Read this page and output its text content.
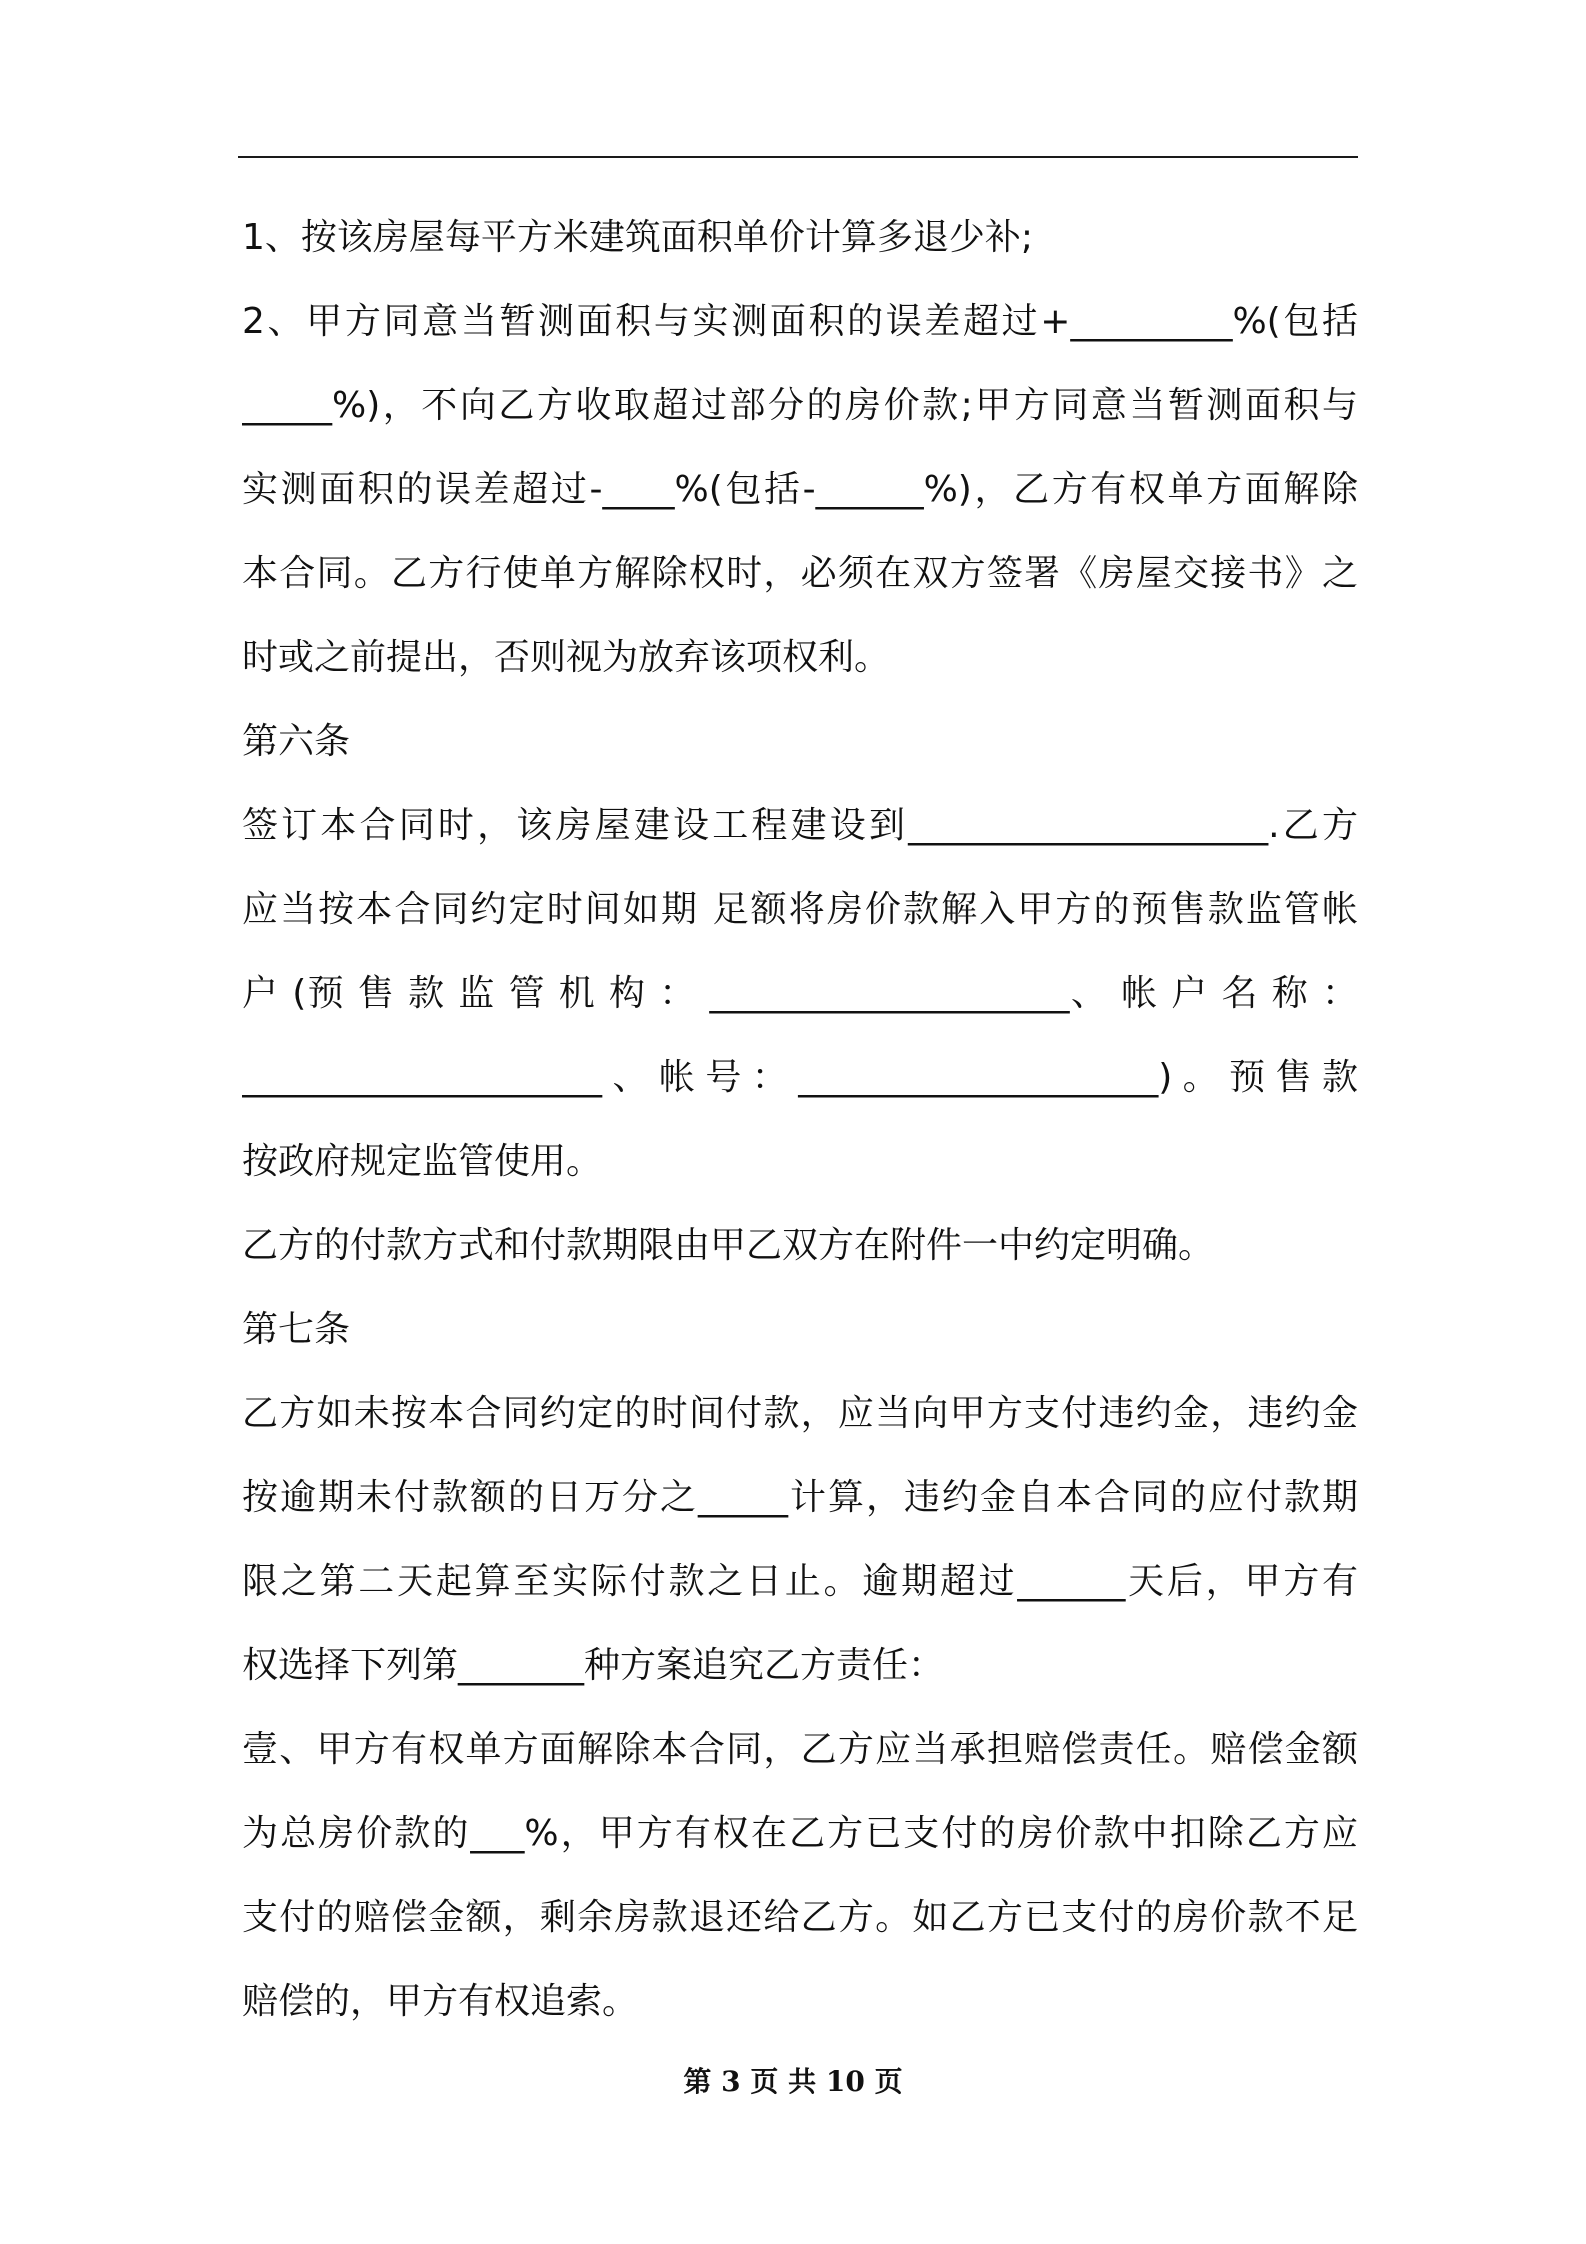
1、按该房屋每平方米建筑面积单价计算多退少补;
2、甲方同意当暂测面积与实测面积的误差超过+_________%(包括
_____%)，不向乙方收取超过部分的房价款;甲方同意当暂测面积与
实测面积的误差超过-____%(包括-______%)，乙方有权单方面解除
本合同。乙方行使单方解除权时，必须在双方签署《房屋交接书》之
时或之前提出，否则视为放弃该项权利。
第六条
签订本合同时，该房屋建设工程建设到____________________.乙方
应当按本合同约定时间如期 足额将房价款解入甲方的预售款监管帐
户 (预 售 款 监 管 机 构 ： ____________________、 帐 户 名 称 ：
____________________、帐号：____________________)。预售款
按政府规定监管使用。
乙方的付款方式和付款期限由甲乙双方在附件一中约定明确。
第七条
乙方如未按本合同约定的时间付款，应当向甲方支付违约金，违约金
按逾期未付款额的日万分之_____计算，违约金自本合同的应付款期
限之第二天起算至实际付款之日止。逾期超过______天后，甲方有
权选择下列第_______种方案追究乙方责任：
壹、甲方有权单方面解除本合同，乙方应当承担赔偿责任。赔偿金额
为总房价款的___%，甲方有权在乙方已支付的房价款中扣除乙方应
支付的赔偿金额，剩余房款退还给乙方。如乙方已支付的房价款不足
赔偿的，甲方有权追索。
第 3 页 共 10 页
